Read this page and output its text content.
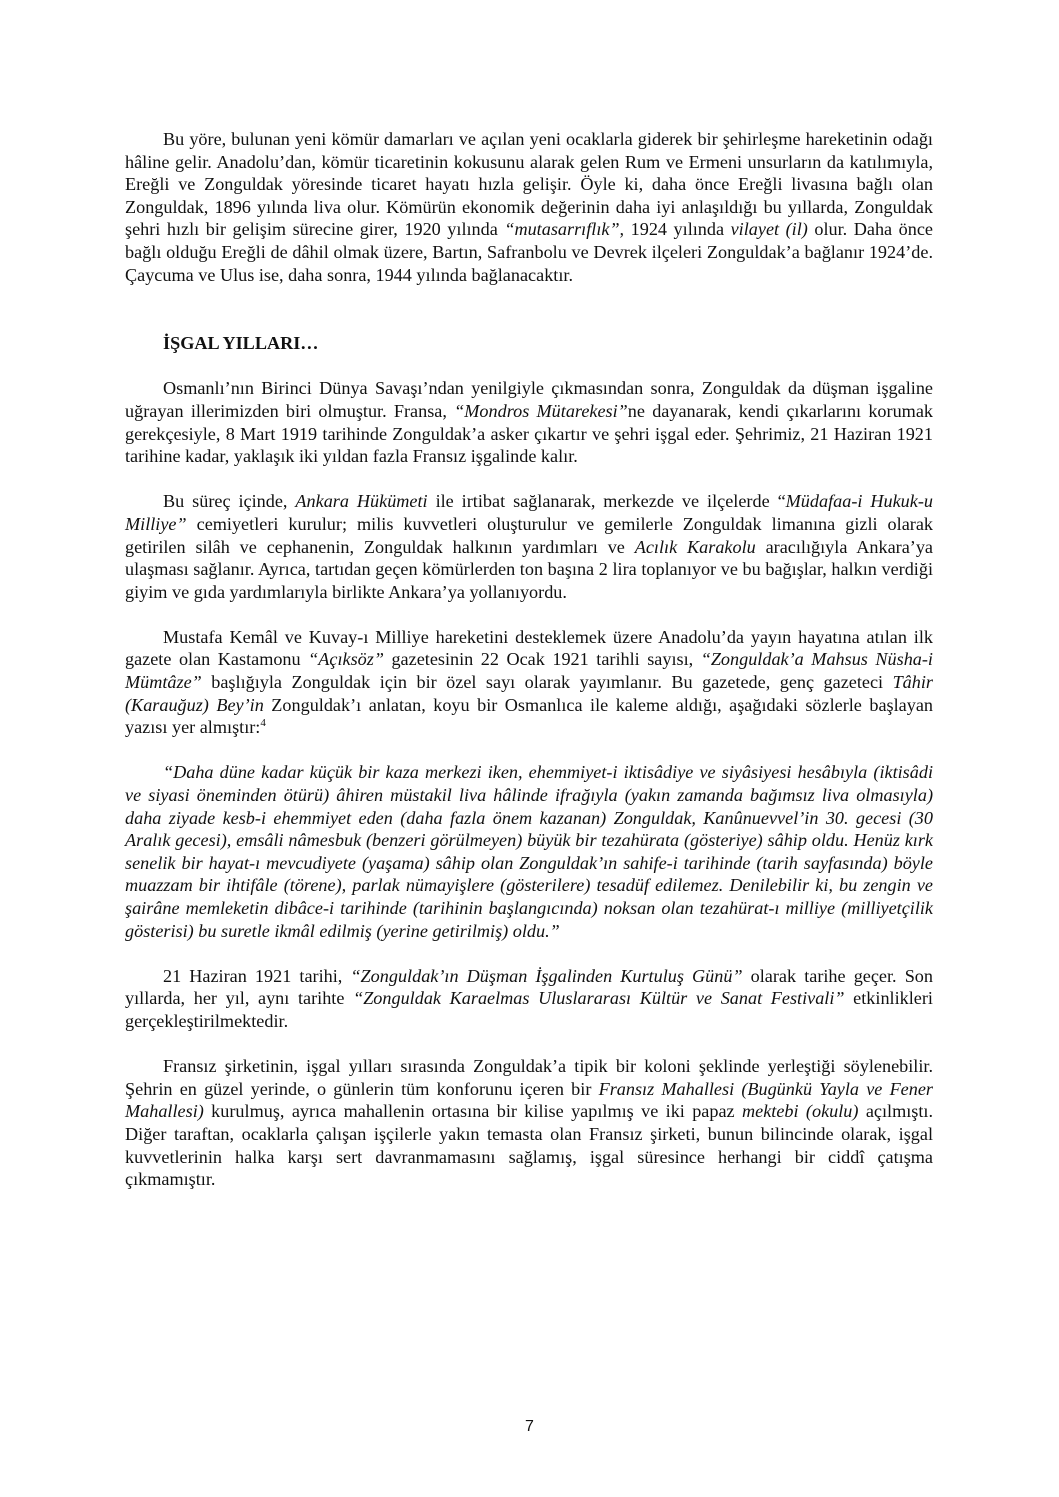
Bu yöre, bulunan yeni kömür damarları ve açılan yeni ocaklarla giderek bir şehirleşme hareketinin odağı hâline gelir. Anadolu’dan, kömür ticaretinin kokusunu alarak gelen Rum ve Ermeni unsurların da katılımıyla, Ereğli ve Zonguldak yöresinde ticaret hayatı hızla gelişir. Öyle ki, daha önce Ereğli livasına bağlı olan Zonguldak, 1896 yılında liva olur. Kömürün ekonomik değerinin daha iyi anlaşıldığı bu yıllarda, Zonguldak şehri hızlı bir gelişim sürecine girer, 1920 yılında “mutasarrıflık”, 1924 yılında vilayet (il) olur. Daha önce bağlı olduğu Ereğli de dâhil olmak üzere, Bartın, Safranbolu ve Devrek ilçeleri Zonguldak’a bağlanır 1924’de. Çaycuma ve Ulus ise, daha sonra, 1944 yılında bağlanacaktır.

İŞGAL YILLARI…

Osmanlı’nın Birinci Dünya Savaşı’ndan yenilgiyle çıkmasından sonra, Zonguldak da düşman işgaline uğrayan illerimizden biri olmuştur. Fransa, “Mondros Mütarekesi”ne dayanarak, kendi çıkarlarını korumak gerekçesiyle, 8 Mart 1919 tarihinde Zonguldak’a asker çıkartır ve şehri işgal eder. Şehrimiz, 21 Haziran 1921 tarihine kadar, yaklaşık iki yıldan fazla Fransız işgalinde kalır.

Bu süreç içinde, Ankara Hükümeti ile irtibat sağlanarak, merkezde ve ilçelerde “Müdafaa-i Hukuk-u Milliye” cemiyetleri kurulur; milis kuvvetleri oluşturulur ve gemilerle Zonguldak limanına gizli olarak getirilen silâh ve cephanenin, Zonguldak halkının yardımları ve Acılık Karakolu aracılığıyla Ankara’ya ulaşması sağlanır. Ayrıca, tartıdan geçen kömürlerden ton başına 2 lira toplanıyor ve bu bağışlar, halkın verdiği giyim ve gıda yardımlarıyla birlikte Ankara’ya yollanıyordu.

Mustafa Kemâl ve Kuvay-ı Milliye hareketini desteklemek üzere Anadolu’da yayın hayatına atılan ilk gazete olan Kastamonu “Açıksöz” gazetesinin 22 Ocak 1921 tarihli sayısı, “Zonguldak’a Mahsus Nüsha-i Mümtâze” başlığıyla Zonguldak için bir özel sayı olarak yayımlanır. Bu gazetede, genç gazeteci Tâhir (Karauğuz) Bey’in Zonguldak’ı anlatan, koyu bir Osmanlıca ile kaleme aldığı, aşağıdaki sözlerle başlayan yazısı yer almıştır:$^4$

“Daha düne kadar küçük bir kaza merkezi iken, ehemmiyet-i iktisâdiye ve siyâsiyesi hesâbıyla (iktisâdi ve siyasi öneminden ötürü) âhiren müstakil liva hâlinde ifrağıyla (yakın zamanda bağımsız liva olmasıyla) daha ziyade kesb-i ehemmiyet eden (daha fazla önem kazanan) Zonguldak, Kanûnuevvel’in 30. gecesi (30 Aralık gecesi), emsâli nâmesbuk (benzeri görülmeyen) büyük bir tezahürata (gösteriye) sâhip oldu. Henüz kırk senelik bir hayat-ı mevcudiyete (yaşama) sâhip olan Zonguldak’ın sahife-i tarihinde (tarih sayfasında) böyle muazzam bir ihtifâle (törene), parlak nümayişlere (gösterilere) tesadüf edilemez. Denilebilir ki, bu zengin ve şairâne memleketin dibâce-i tarihinde (tarihinin başlangıcında) noksan olan tezahürat-ı milliye (milliyetçilik gösterisi) bu suretle ikmâl edilmiş (yerine getirilmiş) oldu.”

21 Haziran 1921 tarihi, “Zonguldak’ın Düşman İşgalinden Kurtuluş Günü” olarak tarihe geçer. Son yıllarda, her yıl, aynı tarihte “Zonguldak Karaelmas Uluslararası Kültür ve Sanat Festivali” etkinlikleri gerçekleştirilmektedir.

Fransız şirketinin, işgal yılları sırasında Zonguldak’a tipik bir koloni şeklinde yerleştiği söylenebilir. Şehrin en güzel yerinde, o günlerin tüm konforunu içeren bir Fransız Mahallesi (Bugünkü Yayla ve Fener Mahallesi) kurulmuş, ayrıca mahallenin ortasına bir kilise yapılmış ve iki papaz mektebi (okulu) açılmıştı. Diğer taraftan, ocaklarla çalışan işçilerle yakın temasta olan Fransız şirketi, bunun bilincinde olarak, işgal kuvvetlerinin halka karşı sert davranmamasını sağlamış, işgal süresince herhangi bir ciddî çatışma çıkmamıştır.

7
